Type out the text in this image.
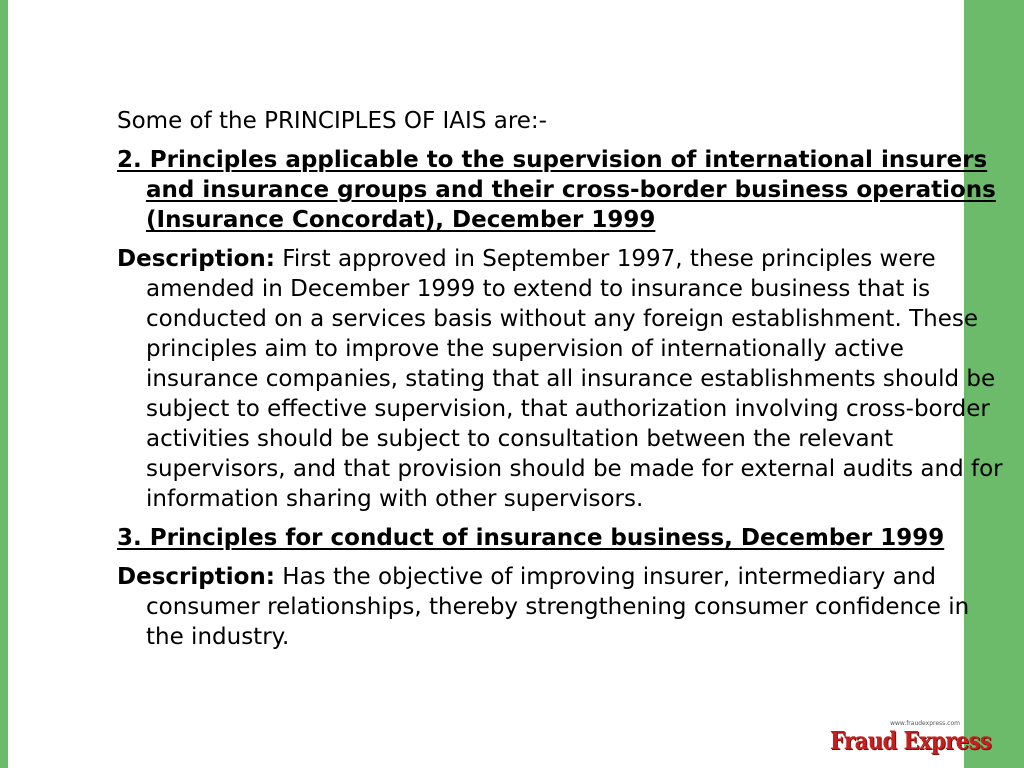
Some of the PRINCIPLES OF IAIS are:-

2. Principles applicable to the supervision of international insurers and insurance groups and their cross-border business operations (Insurance Concordat), December 1999

Description: First approved in September 1997, these principles were amended in December 1999 to extend to insurance business that is conducted on a services basis without any foreign establishment. These principles aim to improve the supervision of internationally active insurance companies, stating that all insurance establishments should be subject to effective supervision, that authorization involving cross-border activities should be subject to consultation between the relevant supervisors, and that provision should be made for external audits and for information sharing with other supervisors.

3. Principles for conduct of insurance business, December 1999

Description: Has the objective of improving insurer, intermediary and consumer relationships, thereby strengthening consumer confidence in the industry.

www.fraudexpress.com
Fraud Express
